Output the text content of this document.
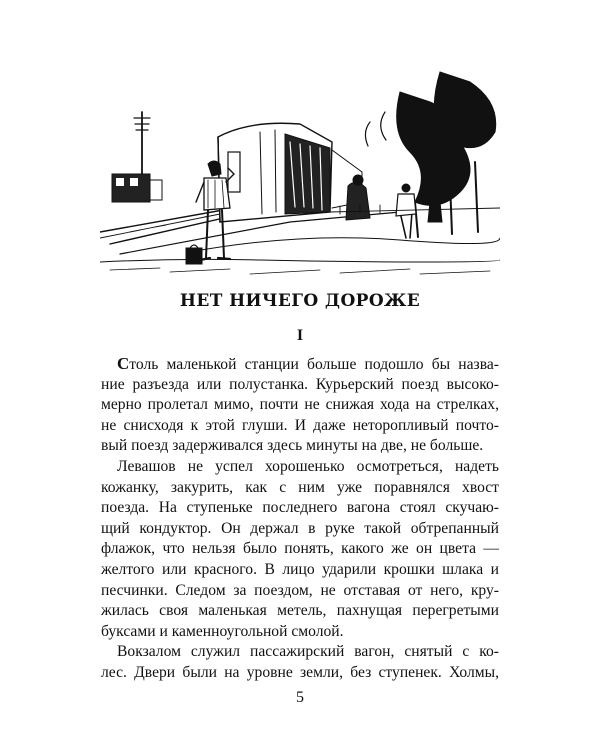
НЕТ НИЧЕГО ДОРОЖЕ
I

Столь маленькой станции больше подошло бы назва-
ние разъезда или полустанка. Курьерский поезд высоко-
мерно пролетал мимо, почти не снижая хода на стрелках,
не снисходя к этой глуши. И даже неторопливый почто-
вый поезд задерживался здесь минуты на две, не больше.

Левашов не успел хорошенько осмотреться, надеть
кожанку, закурить, как с ним уже поравнялся хвост
поезда. На ступеньке последнего вагона стоял скучаю-
щий кондуктор. Он держал в руке такой обтрепанный
флажок, что нельзя было понять, какого же он цвета —
желтого или красного. В лицо ударили крошки шлака и
песчинки. Следом за поездом, не отставая от него, кру-
жилась своя маленькая метель, пахнущая перегретыми
буксами и каменноугольной смолой.

Вокзалом служил пассажирский вагон, снятый с ко-
лес. Двери были на уровне земли, без ступенек. Холмы,

5
